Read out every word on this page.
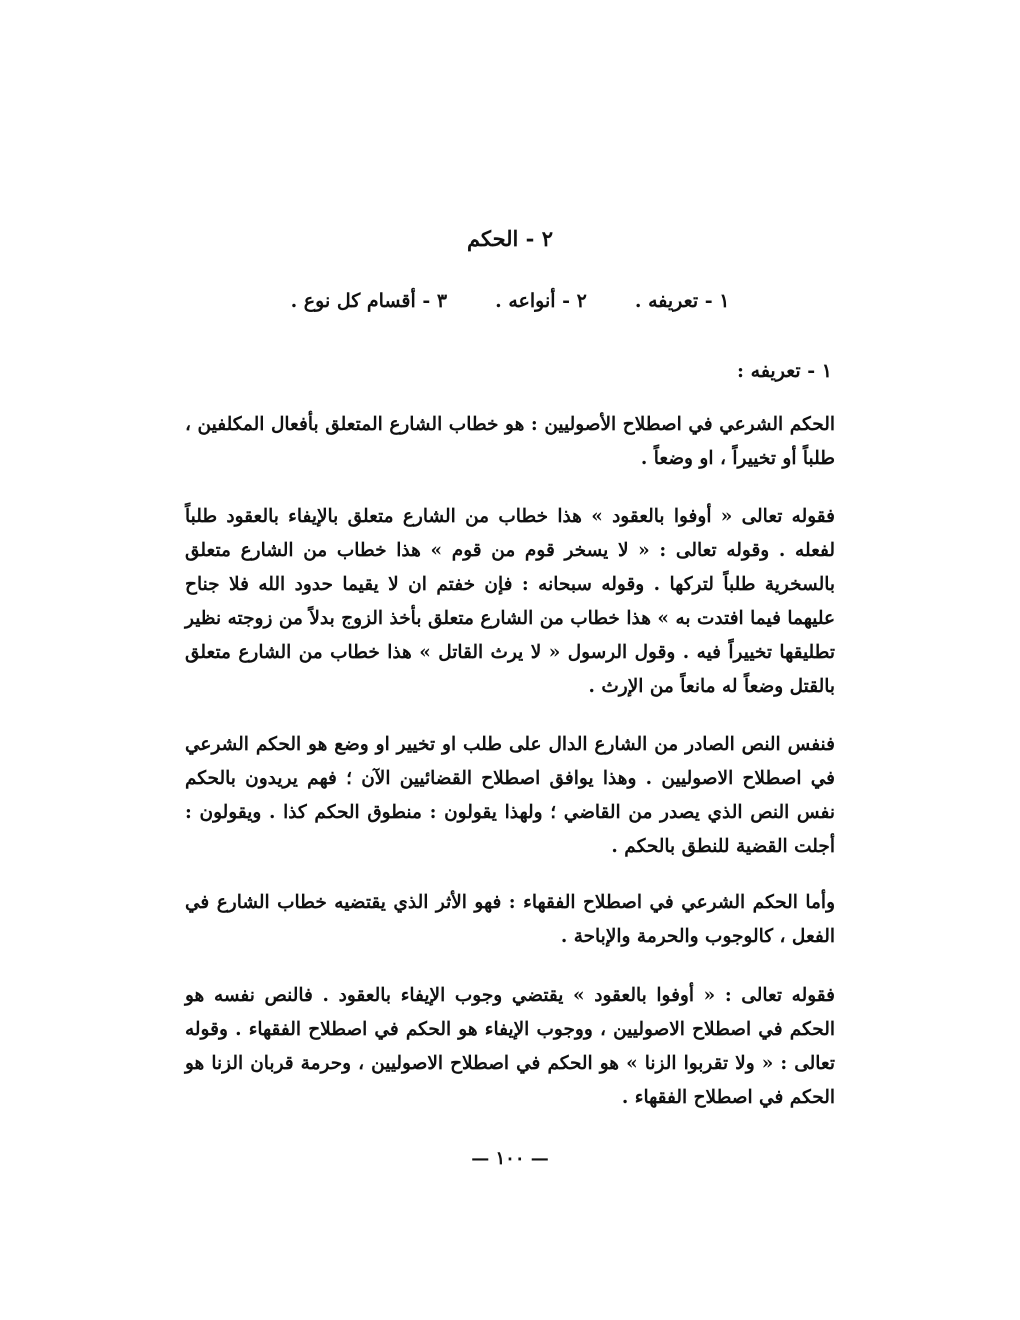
٢ - الحكم
١ - تعريفه .
٢ - أنواعه .
٣ - أقسام كل نوع .
١ - تعريفه :

الحكم الشرعي في اصطلاح الأصوليين : هو خطاب الشارع المتعلق بأفعال المكلفين ، طلباً أو تخييراً ، او وضعاً .

فقوله تعالى « أوفوا بالعقود » هذا خطاب من الشارع متعلق بالإيفاء بالعقود طلباً لفعله . وقوله تعالى : « لا يسخر قوم من قوم » هذا خطاب من الشارع متعلق بالسخرية طلباً لتركها . وقوله سبحانه : فإن خفتم ان لا يقيما حدود الله فلا جناح عليهما فيما افتدت به » هذا خطاب من الشارع متعلق بأخذ الزوج بدلاً من زوجته نظير تطليقها تخييراً فيه . وقول الرسول « لا يرث القاتل » هذا خطاب من الشارع متعلق بالقتل وضعاً له مانعاً من الإرث .

فنفس النص الصادر من الشارع الدال على طلب او تخيير او وضع هو الحكم الشرعي في اصطلاح الاصوليين . وهذا يوافق اصطلاح القضائيين الآن ؛ فهم يريدون بالحكم نفس النص الذي يصدر من القاضي ؛ ولهذا يقولون : منطوق الحكم كذا . ويقولون : أجلت القضية للنطق بالحكم .

وأما الحكم الشرعي في اصطلاح الفقهاء : فهو الأثر الذي يقتضيه خطاب الشارع في الفعل ، كالوجوب والحرمة والإباحة .

فقوله تعالى : « أوفوا بالعقود » يقتضي وجوب الإيفاء بالعقود . فالنص نفسه هو الحكم في اصطلاح الاصوليين ، ووجوب الإيفاء هو الحكم في اصطلاح الفقهاء . وقوله تعالى : « ولا تقربوا الزنا » هو الحكم في اصطلاح الاصوليين ، وحرمة قربان الزنا هو الحكم في اصطلاح الفقهاء .

— ١٠٠ —
